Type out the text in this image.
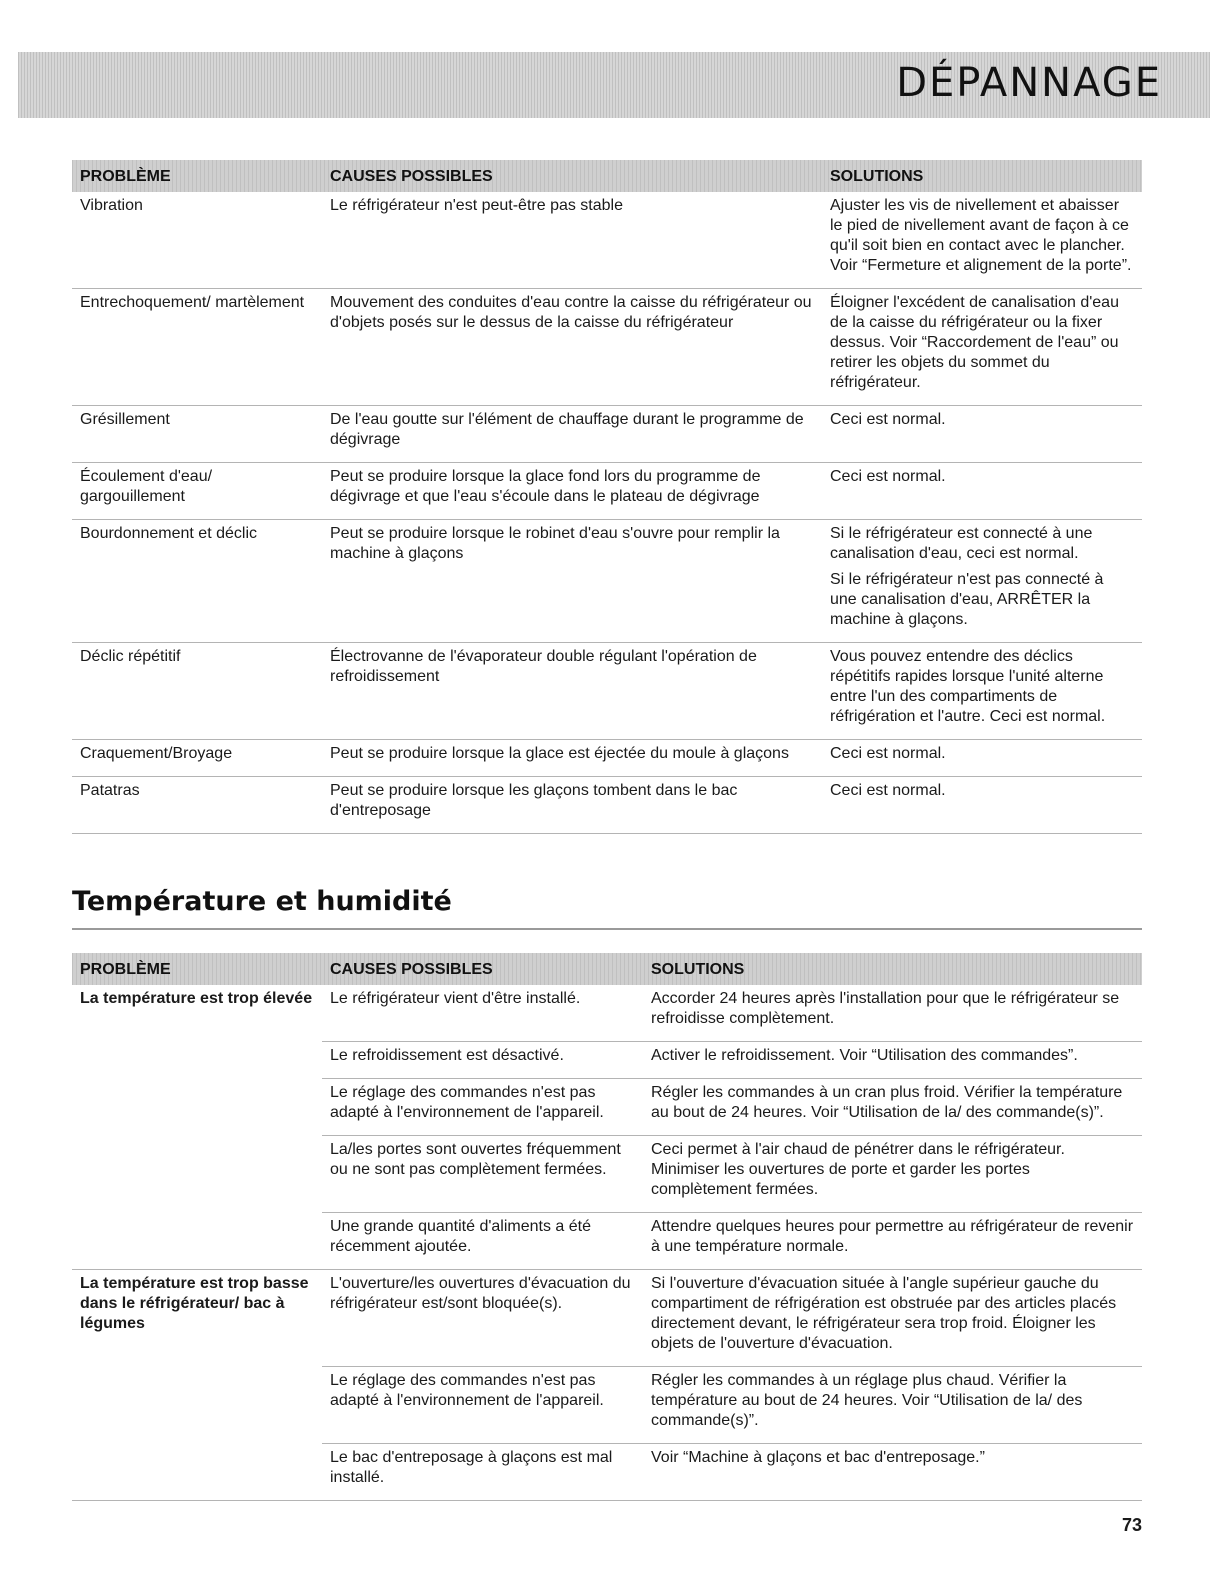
DÉPANNAGE
PROBLÈME	CAUSES POSSIBLES	SOLUTIONS
Vibration	Le réfrigérateur n'est peut-être pas stable	Ajuster les vis de nivellement et abaisser le pied de nivellement avant de façon à ce qu'il soit bien en contact avec le plancher. Voir “Fermeture et alignement de la porte”.

Entrechoquement/ martèlement	Mouvement des conduites d'eau contre la caisse du réfrigérateur ou d'objets posés sur le dessus de la caisse du réfrigérateur	Éloigner l'excédent de canalisation d'eau de la caisse du réfrigérateur ou la fixer dessus. Voir “Raccordement de l'eau” ou retirer les objets du sommet du réfrigérateur.

Grésillement	De l'eau goutte sur l'élément de chauffage durant le programme de dégivrage	Ceci est normal.

Écoulement d'eau/ gargouillement	Peut se produire lorsque la glace fond lors du programme de dégivrage et que l'eau s'écoule dans le plateau de dégivrage	Ceci est normal.

Bourdonnement et déclic	Peut se produire lorsque le robinet d'eau s'ouvre pour remplir la machine à glaçons	Si le réfrigérateur est connecté à une canalisation d'eau, ceci est normal.
Si le réfrigérateur n'est pas connecté à une canalisation d'eau, ARRÊTER la machine à glaçons.

Déclic répétitif	Électrovanne de l'évaporateur double régulant l'opération de refroidissement	Vous pouvez entendre des déclics répétitifs rapides lorsque l'unité alterne entre l'un des compartiments de réfrigération et l'autre. Ceci est normal.

Craquement/Broyage	Peut se produire lorsque la glace est éjectée du moule à glaçons	Ceci est normal.

Patatras	Peut se produire lorsque les glaçons tombent dans le bac d'entreposage	Ceci est normal.
Température et humidité
PROBLÈME	CAUSES POSSIBLES	SOLUTIONS
La température est trop élevée	Le réfrigérateur vient d'être installé.	Accorder 24 heures après l'installation pour que le réfrigérateur se refroidisse complètement.
	Le refroidissement est désactivé.	Activer le refroidissement. Voir “Utilisation des commandes”.
	Le réglage des commandes n'est pas adapté à l'environnement de l'appareil.	Régler les commandes à un cran plus froid. Vérifier la température au bout de 24 heures. Voir “Utilisation de la/ des commande(s)”.
	La/les portes sont ouvertes fréquemment ou ne sont pas complètement fermées.	Ceci permet à l'air chaud de pénétrer dans le réfrigérateur. Minimiser les ouvertures de porte et garder les portes complètement fermées.
	Une grande quantité d'aliments a été récemment ajoutée.	Attendre quelques heures pour permettre au réfrigérateur de revenir à une température normale.
La température est trop basse dans le réfrigérateur/ bac à légumes	L'ouverture/les ouvertures d'évacuation du réfrigérateur est/sont bloquée(s).	Si l'ouverture d'évacuation située à l'angle supérieur gauche du compartiment de réfrigération est obstruée par des articles placés directement devant, le réfrigérateur sera trop froid. Éloigner les objets de l'ouverture d'évacuation.
	Le réglage des commandes n'est pas adapté à l'environnement de l'appareil.	Régler les commandes à un réglage plus chaud. Vérifier la température au bout de 24 heures. Voir “Utilisation de la/ des commande(s)”.
	Le bac d'entreposage à glaçons est mal installé.	Voir “Machine à glaçons et bac d'entreposage.”
73
